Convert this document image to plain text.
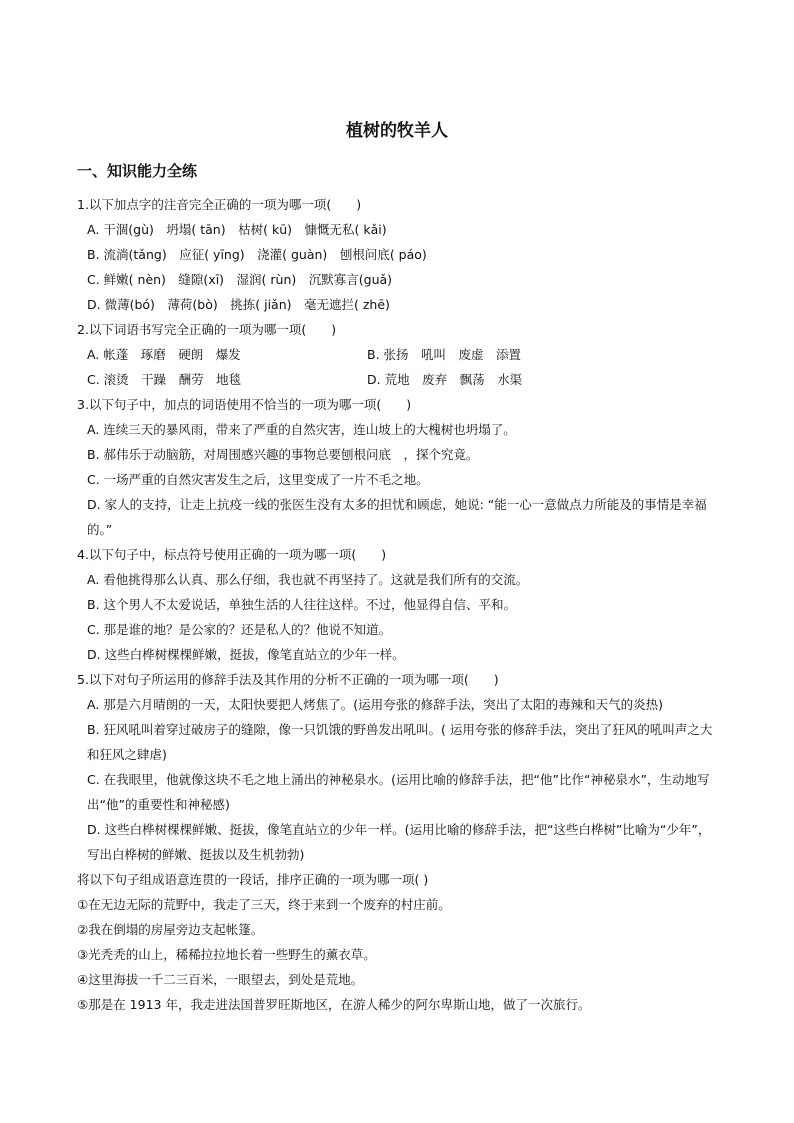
植树的牧羊人
一、知识能力全练
1.以下加点字的注音完全正确的一项为哪一项(　　)
A. 干涸(gù)　坍塌( tān)　枯树( kū)　慷慨无私( kǎi)
B. 流淌(tǎng)　应征( yīng)　浇灌( guàn)　刨根问底( páo)
C. 鲜嫩( nèn)　缝隙(xī)　湿润( rùn)　沉默寡言(guǎ)
D. 微薄(bó)　薄荷(bò)　挑拣( jiǎn)　毫无遮拦( zhē)
2.以下词语书写完全正确的一项为哪一项(　　)
A. 帐蓬　琢磨　硬朗　爆发	B. 张扬　吼叫　废虚　添置
C. 滚烫　干躁　酬劳　地毯	D. 荒地　废弃　飘荡　水渠
3.以下句子中，加点的词语使用不恰当的一项为哪一项(　　)
A. 连续三天的暴风雨，带来了严重的自然灾害，连山坡上的大槐树也坍塌了。
B. 郝伟乐于动脑筋，对周围感兴趣的事物总要刨根问底　，探个究竟。
C. 一场严重的自然灾害发生之后，这里变成了一片不毛之地。
D. 家人的支持，让走上抗疫一线的张医生没有太多的担忧和顾虑，她说: “能一心一意做点力所能及的事情是幸福的。”
4.以下句子中，标点符号使用正确的一项为哪一项(　　)
A. 看他挑得那么认真、那么仔细，我也就不再坚持了。这就是我们所有的交流。
B. 这个男人不太爱说话，单独生活的人往往这样。不过，他显得自信、平和。
C. 那是谁的地？是公家的？还是私人的？他说不知道。
D. 这些白桦树棵棵鲜嫩，挺拔，像笔直站立的少年一样。
5.以下对句子所运用的修辞手法及其作用的分析不正确的一项为哪一项(　　)
A. 那是六月晴朗的一天，太阳快要把人烤焦了。(运用夸张的修辞手法，突出了太阳的毒辣和天气的炎热)
B. 狂风吼叫着穿过破房子的缝隙，像一只饥饿的野兽发出吼叫。( 运用夸张的修辞手法，突出了狂风的吼叫声之大和狂风之肆虐)
C. 在我眼里，他就像这块不毛之地上涌出的神秘泉水。(运用比喻的修辞手法，把“他”比作“神秘泉水”，生动地写出“他”的重要性和神秘感)
D. 这些白桦树棵棵鲜嫩、挺拔，像笔直站立的少年一样。(运用比喻的修辞手法，把“这些白桦树”比喻为“少年”，写出白桦树的鲜嫩、挺拔以及生机勃勃)
将以下句子组成语意连贯的一段话，排序正确的一项为哪一项( )
①在无边无际的荒野中，我走了三天，终于来到一个废弃的村庄前。
②我在倒塌的房屋旁边支起帐篷。
③光秃秃的山上，稀稀拉拉地长着一些野生的薰衣草。
④这里海拔一千二三百米，一眼望去，到处是荒地。
⑤那是在 1913 年，我走进法国普罗旺斯地区，在游人稀少的阿尔卑斯山地，做了一次旅行。
